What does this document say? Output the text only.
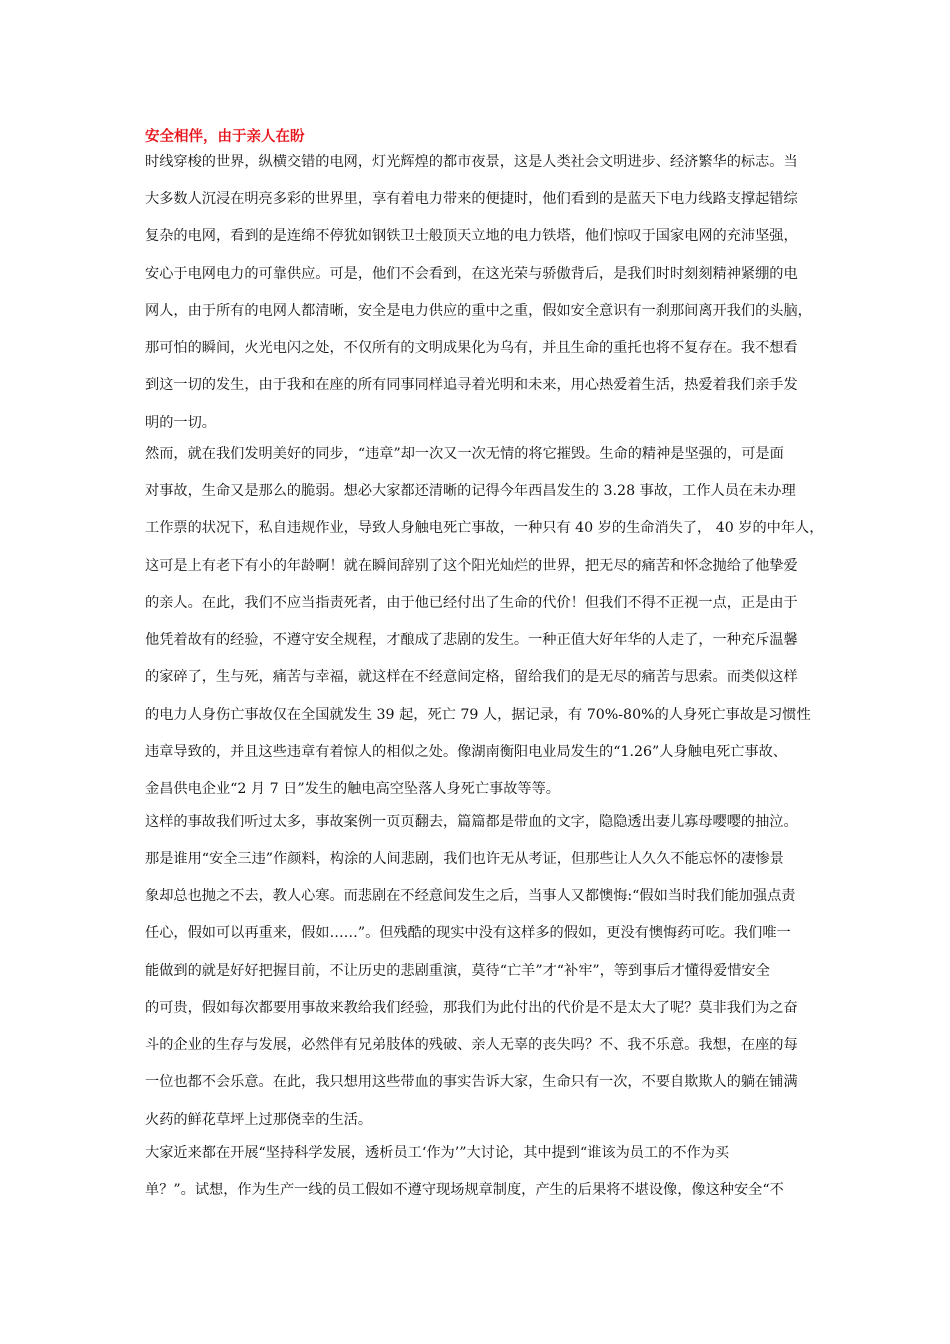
安全相伴，由于亲人在盼
时线穿梭的世界，纵横交错的电网，灯光辉煌的都市夜景，这是人类社会文明进步、经济繁华的标志。当
大多数人沉浸在明亮多彩的世界里，享有着电力带来的便捷时，他们看到的是蓝天下电力线路支撑起错综
复杂的电网，看到的是连绵不停犹如钢铁卫士般顶天立地的电力铁塔，他们惊叹于国家电网的充沛坚强，
安心于电网电力的可靠供应。可是，他们不会看到，在这光荣与骄傲背后，是我们时时刻刻精神紧绷的电
网人，由于所有的电网人都清晰，安全是电力供应的重中之重，假如安全意识有一刹那间离开我们的头脑，
那可怕的瞬间，火光电闪之处，不仅所有的文明成果化为乌有，并且生命的重托也将不复存在。我不想看
到这一切的发生，由于我和在座的所有同事同样追寻着光明和未来，用心热爱着生活，热爱着我们亲手发
明的一切。
然而，就在我们发明美好的同步，“违章”却一次又一次无情的将它摧毁。生命的精神是坚强的，可是面
对事故，生命又是那么的脆弱。想必大家都还清晰的记得今年西昌发生的 3.28 事故，工作人员在未办理
工作票的状况下，私自违规作业，导致人身触电死亡事故，一种只有 40 岁的生命消失了， 40 岁的中年人，
这可是上有老下有小的年龄啊！就在瞬间辞别了这个阳光灿烂的世界，把无尽的痛苦和怀念抛给了他挚爱
的亲人。在此，我们不应当指责死者，由于他已经付出了生命的代价！但我们不得不正视一点，正是由于
他凭着故有的经验，不遵守安全规程，才酿成了悲剧的发生。一种正值大好年华的人走了，一种充斥温馨
的家碎了，生与死，痛苦与幸福，就这样在不经意间定格，留给我们的是无尽的痛苦与思索。而类似这样
的电力人身伤亡事故仅在全国就发生 39 起，死亡 79 人，据记录，有 70%-80%的人身死亡事故是习惯性
违章导致的，并且这些违章有着惊人的相似之处。像湖南衡阳电业局发生的“1.26”人身触电死亡事故、
金昌供电企业“2 月 7 日”发生的触电高空坠落人身死亡事故等等。
这样的事故我们听过太多，事故案例一页页翻去，篇篇都是带血的文字，隐隐透出妻儿寡母嘤嘤的抽泣。
那是谁用“安全三违”作颜料，构涂的人间悲剧，我们也许无从考证，但那些让人久久不能忘怀的凄惨景
象却总也抛之不去，教人心寒。而悲剧在不经意间发生之后，当事人又都懊悔:“假如当时我们能加强点责
任心，假如可以再重来，假如……”。但残酷的现实中没有这样多的假如，更没有懊悔药可吃。我们唯一
能做到的就是好好把握目前，不让历史的悲剧重演，莫待“亡羊”才“补牢”，等到事后才懂得爱惜安全
的可贵，假如每次都要用事故来教给我们经验，那我们为此付出的代价是不是太大了呢？莫非我们为之奋
斗的企业的生存与发展，必然伴有兄弟肢体的残破、亲人无辜的丧失吗？不、我不乐意。我想，在座的每
一位也都不会乐意。在此，我只想用这些带血的事实告诉大家，生命只有一次，不要自欺欺人的躺在铺满
火药的鲜花草坪上过那侥幸的生活。
大家近来都在开展“坚持科学发展，透析员工‘作为’”大讨论，其中提到“谁该为员工的不作为买
单？”。试想，作为生产一线的员工假如不遵守现场规章制度，产生的后果将不堪设像，像这种安全“不
